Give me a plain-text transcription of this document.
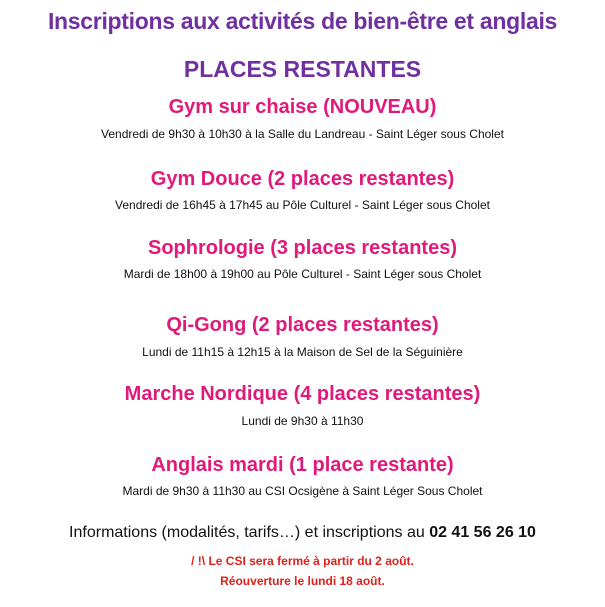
Inscriptions aux activités de bien-être et anglais
PLACES RESTANTES
Gym sur chaise (NOUVEAU)
Vendredi de 9h30 à 10h30 à la Salle du Landreau - Saint Léger sous Cholet
Gym Douce (2 places restantes)
Vendredi de 16h45 à 17h45 au Pôle Culturel - Saint Léger sous Cholet
Sophrologie (3 places restantes)
Mardi de 18h00 à 19h00 au Pôle Culturel - Saint Léger sous Cholet
Qi-Gong (2 places restantes)
Lundi de 11h15 à 12h15 à la Maison de Sel de la Séguinière
Marche Nordique (4 places restantes)
Lundi de 9h30 à 11h30
Anglais mardi (1 place restante)
Mardi de 9h30 à 11h30 au CSI Ocsigène à Saint Léger Sous Cholet
Informations (modalités, tarifs…) et inscriptions au 02 41 56 26 10
/ !\ Le CSI sera fermé à partir du 2 août.
Réouverture le lundi 18 août.
